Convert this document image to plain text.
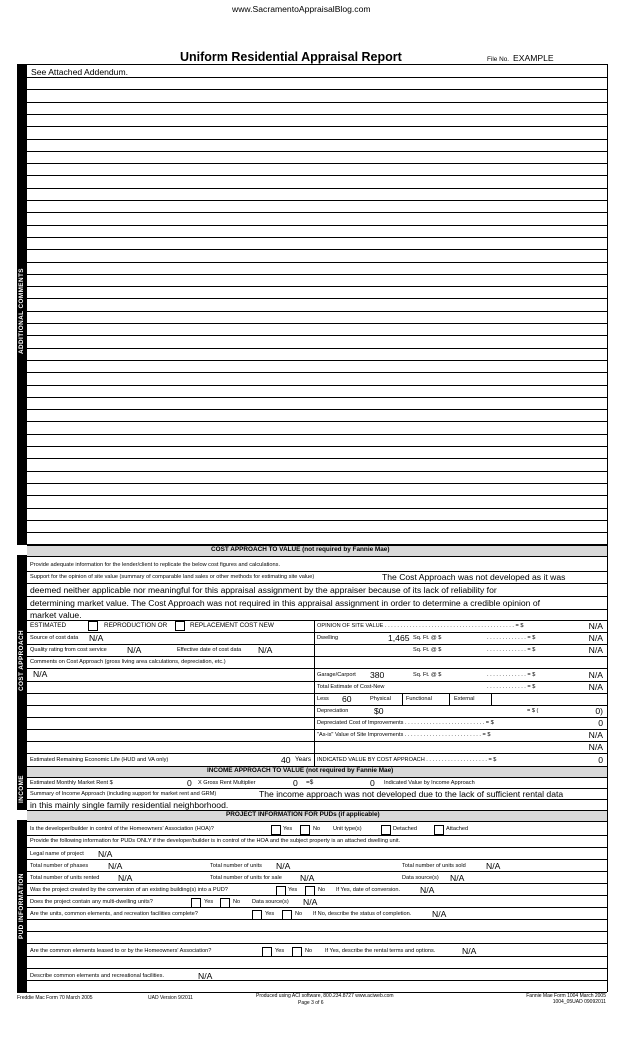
www.SacramentoAppraisalBlog.com
Uniform Residential Appraisal Report	File No. EXAMPLE
ADDITIONAL COMMENTS
See Attached Addendum.
COST APPROACH TO VALUE (not required by Fannie Mae)
COST APPROACH
Provide adequate information for the lender/client to replicate the below cost figures and calculations.
Support for the opinion of site value (summary of comparable land sales or other methods for estimating site value)	The Cost Approach was not developed as it was
deemed neither applicable nor meaningful for this appraisal assignment by the appraiser because of its lack of reliability for
determining market value. The Cost Approach was not required in this appraisal assignment in order to determine a credible opinion of
market value.
ESTIMATED	REPRODUCTION OR	REPLACEMENT COST NEW
Source of cost data N/A
Quality rating from cost service N/A	Effective date of cost data N/A
Comments on Cost Approach (gross living area calculations, depreciation, etc.)
N/A
OPINION OF SITE VALUE . . . . . . . . . . . . . . . . . . . . . . . . . . . . . . . . . . . . . . . . . . = $	N/A
Dwelling	1,465 Sq. Ft. @ $	. . . . . . . . . . . . . = $	N/A
Sq. Ft. @ $	. . . . . . . . . . . . . = $	N/A
Garage/Carport 380	Sq. Ft. @ $	. . . . . . . . . . . . . = $	N/A
Total Estimate of Cost-New	. . . . . . . . . . . . . = $	N/A
Less 60	Physical	Functional	External
Depreciation	$0	= $ (	0)
Depreciated Cost of Improvements . . . . . . . . . . . . . . . . . . . . . . . . . . = $	0
"As-is" Value of Site Improvements . . . . . . . . . . . . . . . . . . . . . . . . . = $	N/A
N/A
Estimated Remaining Economic Life (HUD and VA only)	40 Years INDICATED VALUE BY COST APPROACH . . . . . . . . . . . . . . . . . . . . = $	0
INCOME APPROACH TO VALUE (not required by Fannie Mae)
INCOME Estimated Monthly Market Rent $	0 X Gross Rent Multiplier	0 =$	0 Indicated Value by Income Approach
Summary of Income Approach (including support for market rent and GRM)	The income approach was not developed due to the lack of sufficient rental data
in this mainly single family residential neighborhood.
PROJECT INFORMATION FOR PUDs (if applicable)
PUD INFORMATION
Is the developer/builder in control of the Homeowners' Association (HOA)?	Yes	No Unit type(s)	Detached	Attached
Provide the following information for PUDs ONLY if the developer/builder is in control of the HOA and the subject property is an attached dwelling unit.
Legal name of project N/A
Total number of phases N/A	Total number of units N/A	Total number of units sold N/A
Total number of units rented N/A	Total number of units for sale N/A	Data source(s) N/A
Was the project created by the conversion of an existing building(s) into a PUD?	Yes	No If Yes, date of conversion. N/A
Does the project contain any multi-dwelling units?	Yes	No Data source(s) N/A
Are the units, common elements, and recreation facilities complete?	Yes	No If No, describe the status of completion. N/A
Are the common elements leased to or by the Homeowners' Association?	Yes	No If Yes, describe the rental terms and options.	N/A
Describe common elements and recreational facilities.	N/A
Freddie Mac Form 70 March 2005	UAD Version 9/2011	Produced using ACI software, 800.234.8727 www.aciweb.com
Page 3 of 6
Fannie Mae Form 1004 March 2005
1004_05UAD 09092011
